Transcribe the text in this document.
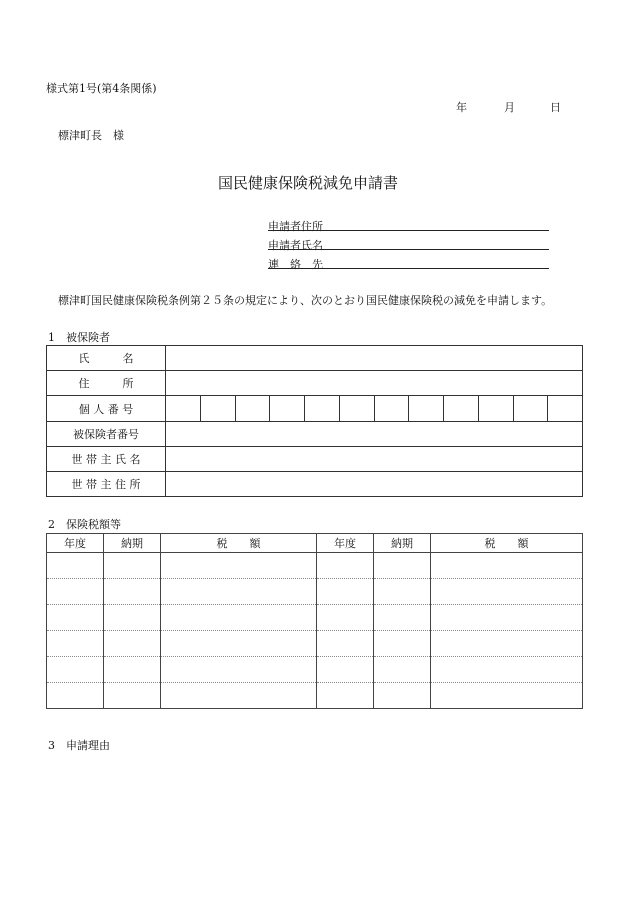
様式第1号(第4条関係)
年	月	日
標津町長　様
国民健康保険税減免申請書
申請者住所
申請者氏名
連　絡　先
標津町国民健康保険税条例第２５条の規定により、次のとおり国民健康保険税の減免を申請します。
1　被保険者
氏　　　名	
住　　　所	
個 人 番 号	

被保険者番号	
世 帯 主 氏 名	
世 帯 主 住 所	
2　保険税額等
年度	納期	税　　額	年度	納期	税　　額

3　申請理由
